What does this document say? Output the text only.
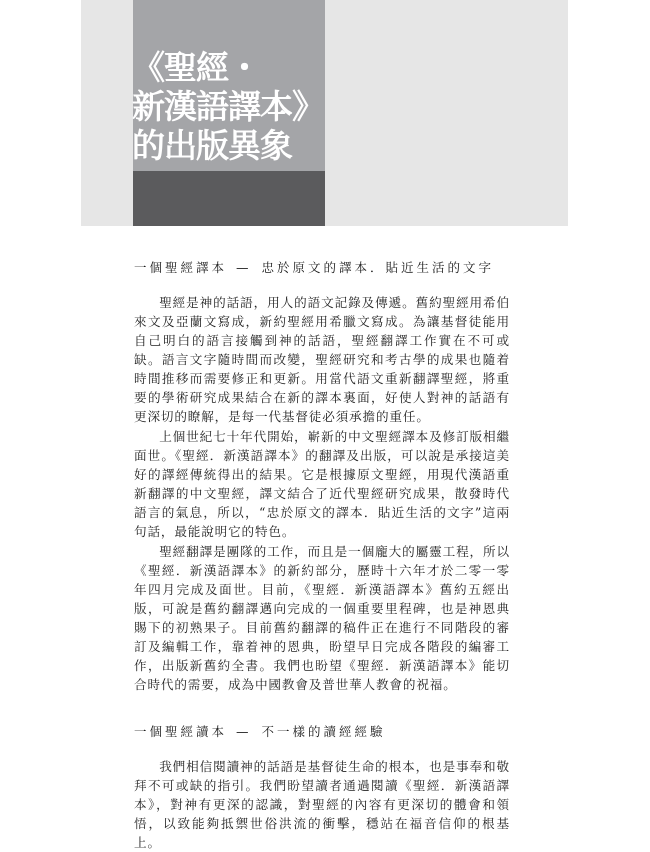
《聖經・
新漢語譯本》
的出版異象
一個聖經譯本 — 忠於原文的譯本．貼近生活的文字

聖經是神的話語，用人的語文記錄及傳遞。舊約聖經用希伯來文及亞蘭文寫成，新約聖經用希臘文寫成。為讓基督徒能用自己明白的語言接觸到神的話語，聖經翻譯工作實在不可或缺。語言文字隨時間而改變，聖經研究和考古學的成果也隨着時間推移而需要修正和更新。用當代語文重新翻譯聖經，將重要的學術研究成果結合在新的譯本裏面，好使人對神的話語有更深切的瞭解，是每一代基督徒必須承擔的重任。

上個世紀七十年代開始，嶄新的中文聖經譯本及修訂版相繼面世。《聖經．新漢語譯本》的翻譯及出版，可以說是承接這美好的譯經傳統得出的結果。它是根據原文聖經，用現代漢語重新翻譯的中文聖經，譯文結合了近代聖經研究成果，散發時代語言的氣息，所以，“忠於原文的譯本．貼近生活的文字”這兩句話，最能說明它的特色。

聖經翻譯是團隊的工作，而且是一個龐大的屬靈工程，所以《聖經．新漢語譯本》的新約部分，歷時十六年才於二零一零年四月完成及面世。目前，《聖經．新漢語譯本》舊約五經出版，可說是舊約翻譯邁向完成的一個重要里程碑，也是神恩典賜下的初熟果子。目前舊約翻譯的稿件正在進行不同階段的審訂及編輯工作，靠着神的恩典，盼望早日完成各階段的編審工作，出版新舊約全書。我們也盼望《聖經．新漢語譯本》能切合時代的需要，成為中國教會及普世華人教會的祝福。

一個聖經讀本 — 不一樣的讀經經驗

我們相信閱讀神的話語是基督徒生命的根本，也是事奉和敬拜不可或缺的指引。我們盼望讀者通過閱讀《聖經．新漢語譯本》，對神有更深的認識，對聖經的內容有更深切的體會和領悟，以致能夠抵禦世俗洪流的衝擊，穩站在福音信仰的根基上。
